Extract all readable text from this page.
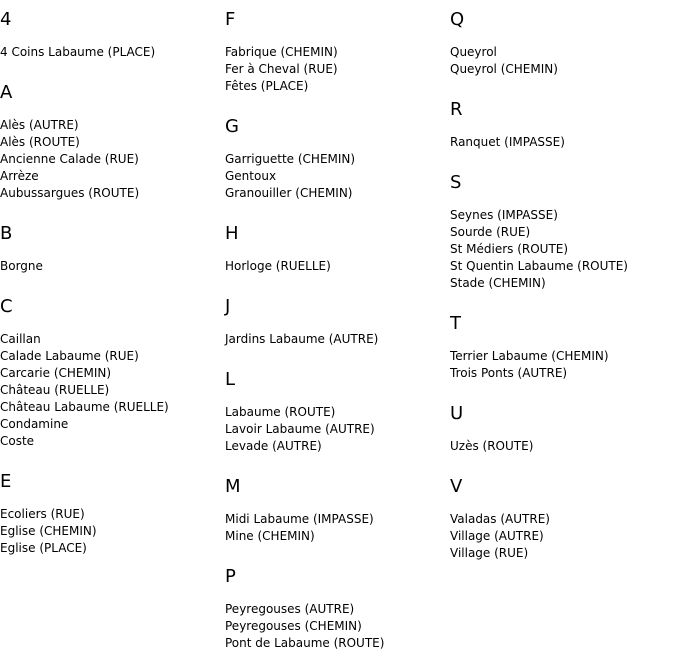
4
4 Coins Labaume (PLACE)
A
Alès (AUTRE)
Alès (ROUTE)
Ancienne Calade (RUE)
Arrèze
Aubussargues (ROUTE)
B
Borgne
C
Caillan
Calade Labaume (RUE)
Carcarie (CHEMIN)
Château (RUELLE)
Château Labaume (RUELLE)
Condamine
Coste
E
Ecoliers (RUE)
Eglise (CHEMIN)
Eglise (PLACE)
F
Fabrique (CHEMIN)
Fer à Cheval (RUE)
Fêtes (PLACE)
G
Garriguette (CHEMIN)
Gentoux
Granouiller (CHEMIN)
H
Horloge (RUELLE)
J
Jardins Labaume (AUTRE)
L
Labaume (ROUTE)
Lavoir Labaume (AUTRE)
Levade (AUTRE)
M
Midi Labaume (IMPASSE)
Mine (CHEMIN)
P
Peyregouses (AUTRE)
Peyregouses (CHEMIN)
Pont de Labaume (ROUTE)
Q
Queyrol
Queyrol (CHEMIN)
R
Ranquet (IMPASSE)
S
Seynes (IMPASSE)
Sourde (RUE)
St Médiers (ROUTE)
St Quentin Labaume (ROUTE)
Stade (CHEMIN)
T
Terrier Labaume (CHEMIN)
Trois Ponts (AUTRE)
U
Uzès (ROUTE)
V
Valadas (AUTRE)
Village (AUTRE)
Village (RUE)
